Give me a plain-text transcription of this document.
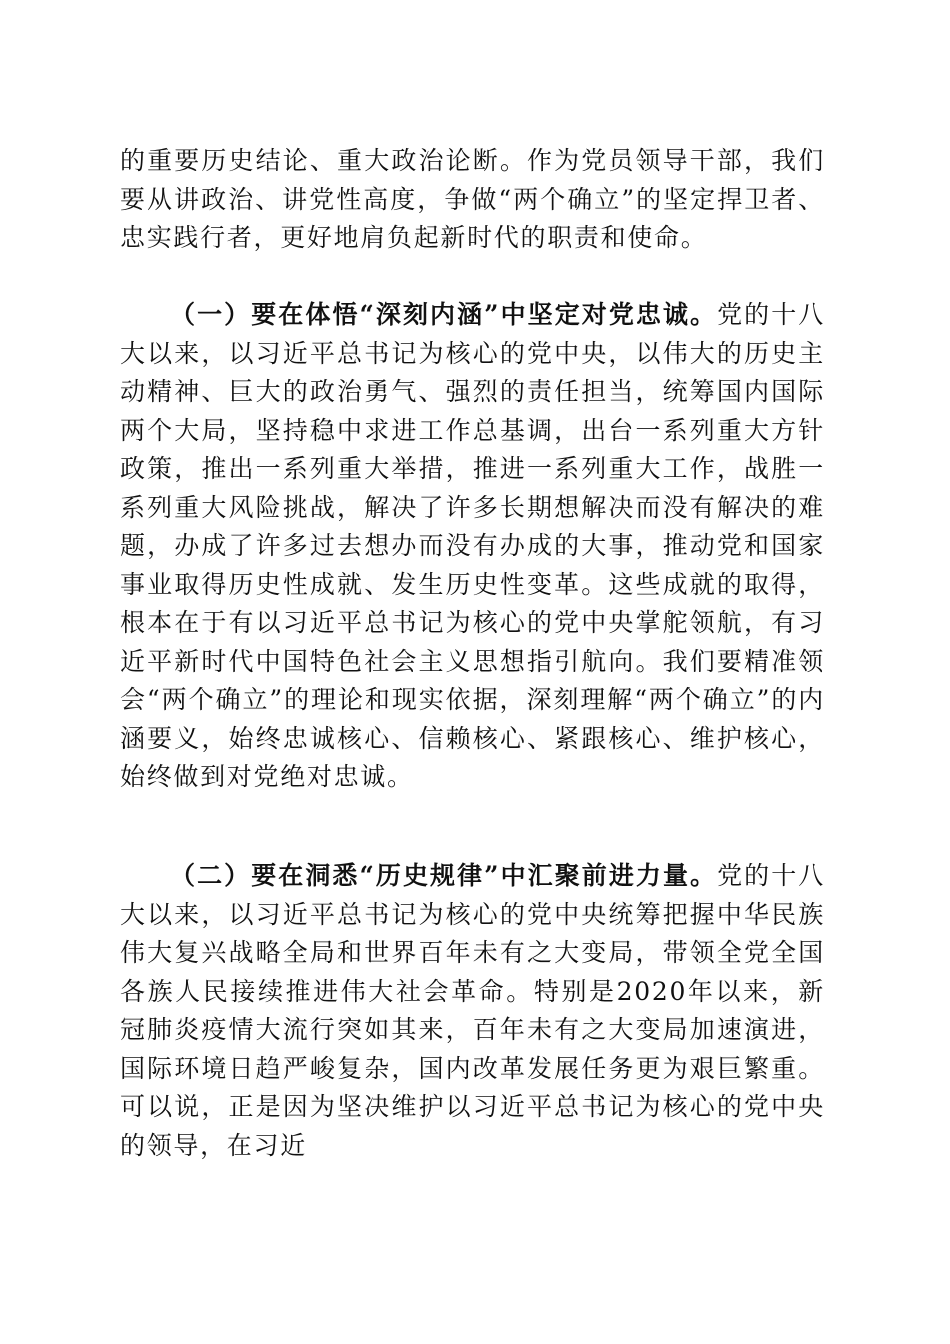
的重要历史结论、重大政治论断。作为党员领导干部，我们要从讲政治、讲党性高度，争做“两个确立”的坚定捍卫者、忠实践行者，更好地肩负起新时代的职责和使命。

（一）要在体悟“深刻内涵”中坚定对党忠诚。党的十八大以来，以习近平总书记为核心的党中央，以伟大的历史主动精神、巨大的政治勇气、强烈的责任担当，统筹国内国际两个大局，坚持稳中求进工作总基调，出台一系列重大方针政策，推出一系列重大举措，推进一系列重大工作，战胜一系列重大风险挑战，解决了许多长期想解决而没有解决的难题，办成了许多过去想办而没有办成的大事，推动党和国家事业取得历史性成就、发生历史性变革。这些成就的取得，根本在于有以习近平总书记为核心的党中央掌舵领航，有习近平新时代中国特色社会主义思想指引航向。我们要精准领会“两个确立”的理论和现实依据，深刻理解“两个确立”的内涵要义，始终忠诚核心、信赖核心、紧跟核心、维护核心，始终做到对党绝对忠诚。

（二）要在洞悉“历史规律”中汇聚前进力量。党的十八大以来，以习近平总书记为核心的党中央统筹把握中华民族伟大复兴战略全局和世界百年未有之大变局，带领全党全国各族人民接续推进伟大社会革命。特别是2020年以来，新冠肺炎疫情大流行突如其来，百年未有之大变局加速演进，国际环境日趋严峻复杂，国内改革发展任务更为艰巨繁重。可以说，正是因为坚决维护以习近平总书记为核心的党中央的领导，在习近
